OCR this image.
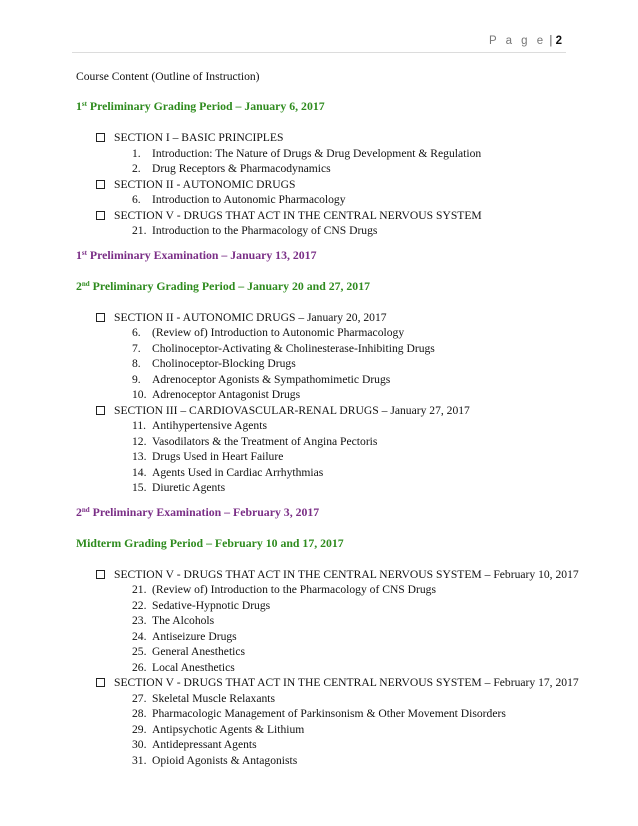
P a g e | 2

Course Content (Outline of Instruction)

1st Preliminary Grading Period – January 6, 2017

SECTION I – BASIC PRINCIPLES
1. Introduction: The Nature of Drugs & Drug Development & Regulation
2. Drug Receptors & Pharmacodynamics
SECTION II - AUTONOMIC DRUGS
6. Introduction to Autonomic Pharmacology
SECTION V - DRUGS THAT ACT IN THE CENTRAL NERVOUS SYSTEM
21. Introduction to the Pharmacology of CNS Drugs

1st Preliminary Examination – January 13, 2017

2nd Preliminary Grading Period – January 20 and 27, 2017

SECTION II - AUTONOMIC DRUGS – January 20, 2017
6. (Review of) Introduction to Autonomic Pharmacology
7. Cholinoceptor-Activating & Cholinesterase-Inhibiting Drugs
8. Cholinoceptor-Blocking Drugs
9. Adrenoceptor Agonists & Sympathomimetic Drugs
10. Adrenoceptor Antagonist Drugs
SECTION III – CARDIOVASCULAR-RENAL DRUGS – January 27, 2017
11. Antihypertensive Agents
12. Vasodilators & the Treatment of Angina Pectoris
13. Drugs Used in Heart Failure
14. Agents Used in Cardiac Arrhythmias
15. Diuretic Agents

2nd Preliminary Examination – February 3, 2017

Midterm Grading Period – February 10 and 17, 2017

SECTION V - DRUGS THAT ACT IN THE CENTRAL NERVOUS SYSTEM – February 10, 2017
21. (Review of) Introduction to the Pharmacology of CNS Drugs
22. Sedative-Hypnotic Drugs
23. The Alcohols
24. Antiseizure Drugs
25. General Anesthetics
26. Local Anesthetics
SECTION V - DRUGS THAT ACT IN THE CENTRAL NERVOUS SYSTEM – February 17, 2017
27. Skeletal Muscle Relaxants
28. Pharmacologic Management of Parkinsonism & Other Movement Disorders
29. Antipsychotic Agents & Lithium
30. Antidepressant Agents
31. Opioid Agonists & Antagonists
